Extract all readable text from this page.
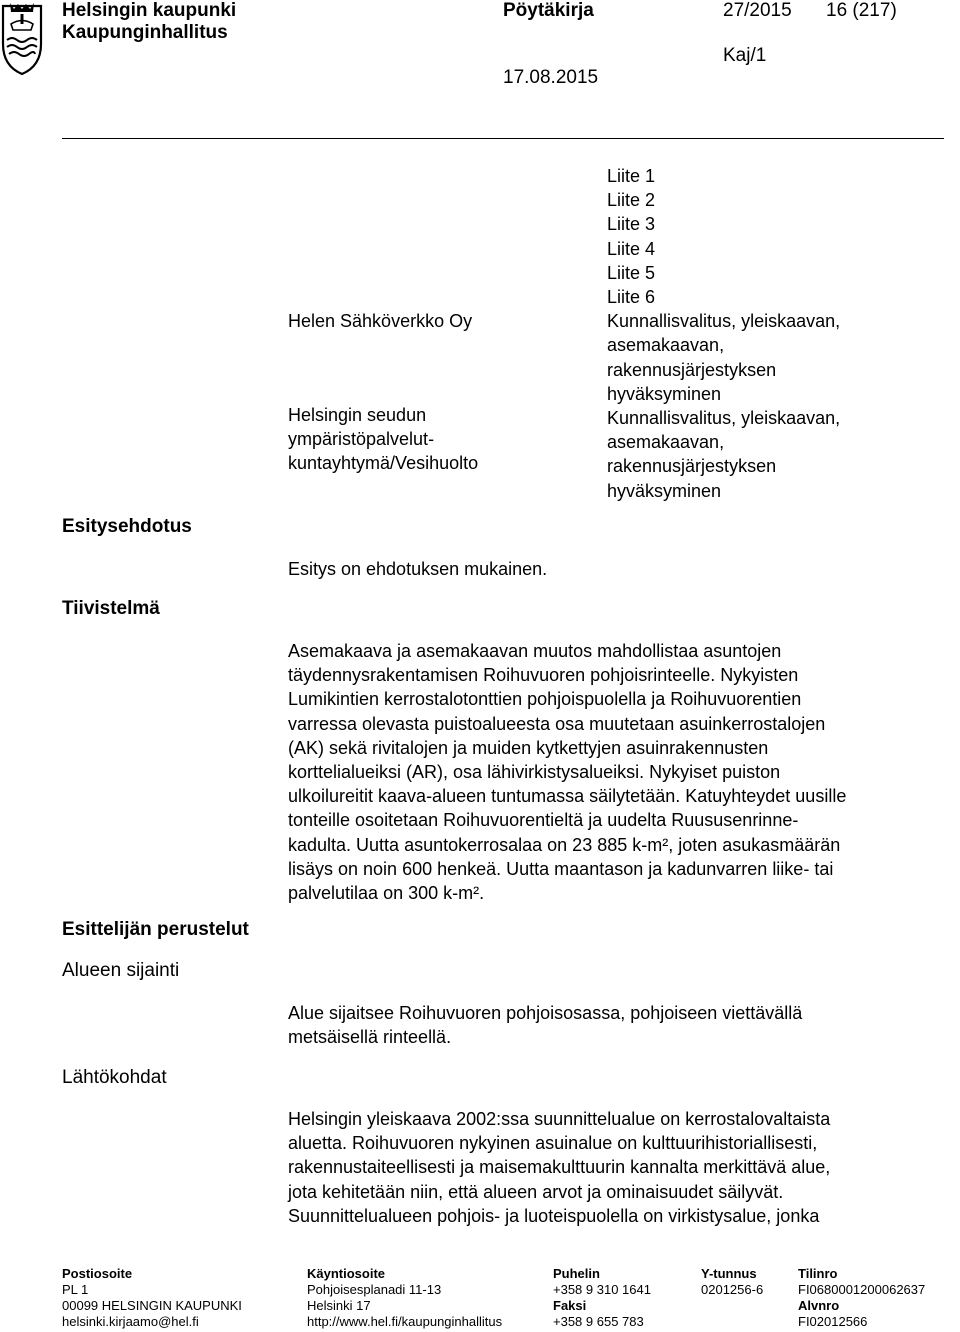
Helsingin kaupunki
Kaupunginhallitus
Pöytäkirja	27/2015 16 (217)
Kaj/1
17.08.2015
Helen Sähköverkko Oy
Helsingin seudun
ympäristöpalvelut-
kuntayhtymä/Vesihuolto
Liite 1
Liite 2
Liite 3
Liite 4
Liite 5
Liite 6
Kunnallisvalitus, yleiskaavan,
asemakaavan,
rakennusjärjestyksen
hyväksyminen
Kunnallisvalitus, yleiskaavan,
asemakaavan,
rakennusjärjestyksen
hyväksyminen
Esitysehdotus
Tiivistelmä
Esittelijän perustelut
Alueen sijainti
Lähtökohdat
Esitys on ehdotuksen mukainen.
Asemakaava ja asemakaavan muutos mahdollistaa asuntojen
täydennysrakentamisen Roihuvuoren pohjoisrinteelle. Nykyisten
Lumikintien kerrostalotonttien pohjoispuolella ja Roihuvuorentien
varressa olevasta puistoalueesta osa muutetaan asuinkerrostalojen
(AK) sekä rivitalojen ja muiden kytkettyjen asuinrakennusten
korttelialueiksi (AR), osa lähivirkistysalueiksi. Nykyiset puiston
ulkoilureitit kaava-alueen tuntumassa säilytetään. Katuyhteydet uusille
tonteille osoitetaan Roihuvuorentieltä ja uudelta Ruususenrinne-
kadulta. Uutta asuntokerrosalaa on 23 885 k-m², joten asukasmäärän
lisäys on noin 600 henkeä. Uutta maantason ja kadunvarren liike- tai
palvelutilaa on 300 k-m².
Alue sijaitsee Roihuvuoren pohjoisosassa, pohjoiseen viettävällä
metsäisellä rinteellä.
Helsingin yleiskaava 2002:ssa suunnittelualue on kerrostalovaltaista
aluetta. Roihuvuoren nykyinen asuinalue on kulttuurihistoriallisesti,
rakennustaiteellisesti ja maisemakulttuurin kannalta merkittävä alue,
jota kehitetään niin, että alueen arvot ja ominaisuudet säilyvät.
Suunnittelualueen pohjois- ja luoteispuolella on virkistysalue, jonka
Postiosoite
PL 1
00099 HELSINGIN KAUPUNKI
helsinki.kirjaamo@hel.fi
Käyntiosoite
Pohjoisesplanadi 11-13
Helsinki 17
http://www.hel.fi/kaupunginhallitus
Puhelin
+358 9 310 1641
Faksi
+358 9 655 783
Y-tunnus
0201256-6
Tilinro
FI0680001200062637
Alvnro
FI02012566
